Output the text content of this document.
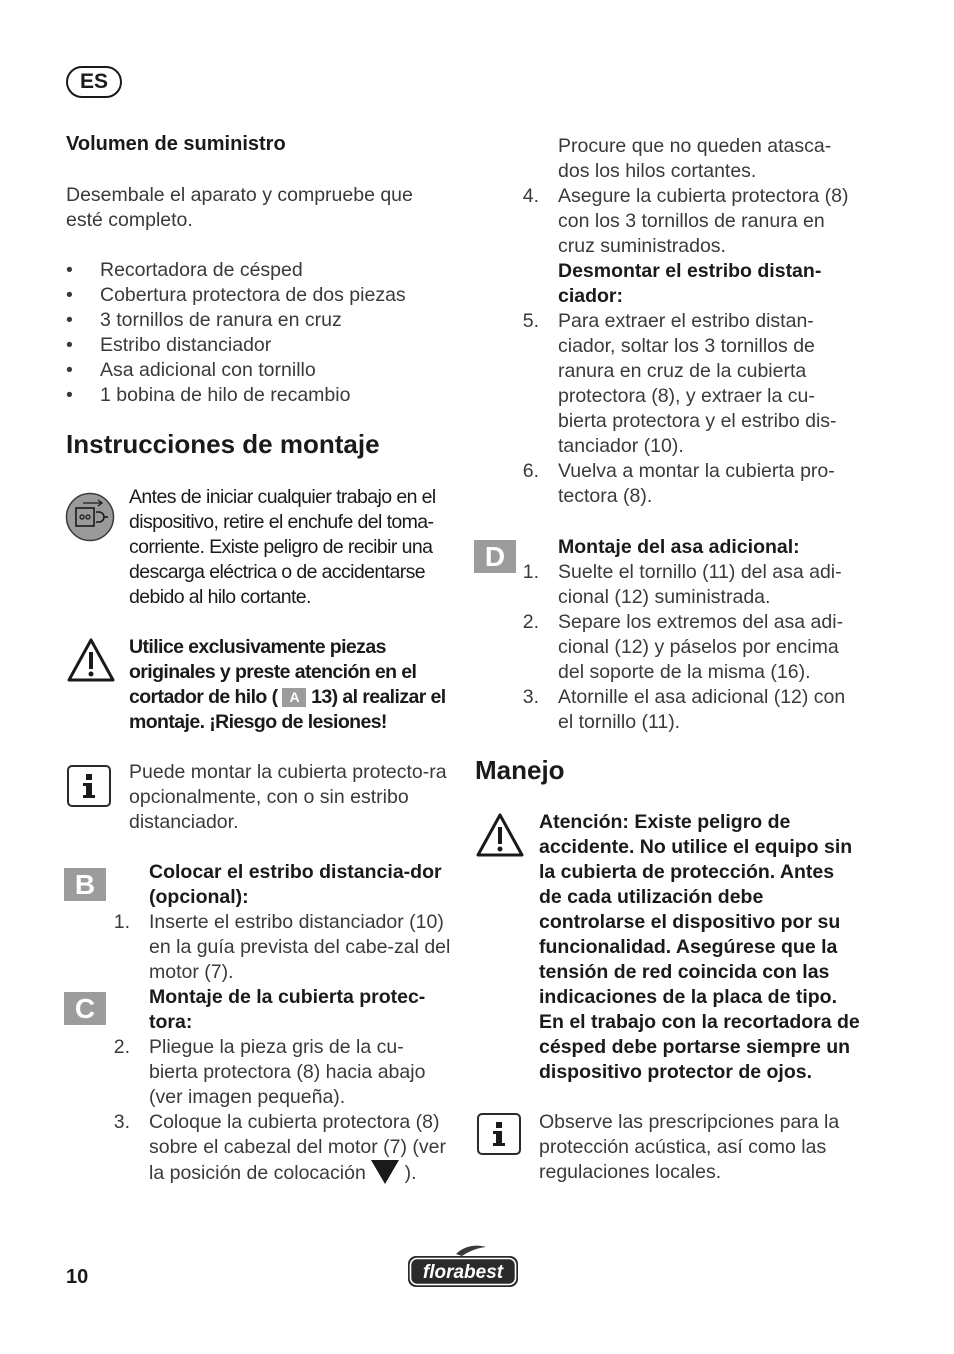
ES
Volumen de suministro
Desembale el aparato y compruebe que esté completo.
• Recortadora de césped
• Cobertura protectora de dos piezas
• 3 tornillos de ranura en cruz
• Estribo distanciador
• Asa adicional con tornillo
• 1 bobina de hilo de recambio
Instrucciones de montaje
Antes de iniciar cualquier trabajo en el dispositivo, retire el enchufe del toma-corriente. Existe peligro de recibir una descarga eléctrica o de accidentarse debido al hilo cortante.
Utilice exclusivamente piezas originales y preste atención en el cortador de hilo ( A 13) al realizar el montaje. ¡Riesgo de lesiones!
Puede montar la cubierta protecto-ra opcionalmente, con o sin estribo distanciador.
B	Colocar el estribo distancia-dor (opcional):
1. Inserte el estribo distanciador (10) en la guía prevista del cabe-zal del motor (7).
C	Montaje de la cubierta protec-tora:
2. Pliegue la pieza gris de la cu-bierta protectora (8) hacia abajo (ver imagen pequeña).
3. Coloque la cubierta protectora (8) sobre el cabezal del motor (7) (ver la posición de colocación ).
Procure que no queden atasca-dos los hilos cortantes.
4. Asegure la cubierta protectora (8) con los 3 tornillos de ranura en cruz suministrados.
Desmontar el estribo distan-ciador:
5. Para extraer el estribo distan-ciador, soltar los 3 tornillos de ranura en cruz de la cubierta protectora (8), y extraer la cu-bierta protectora y el estribo dis-tanciador (10).
6. Vuelva a montar la cubierta pro-tectora (8).
D	Montaje del asa adicional:
1. Suelte el tornillo (11) del asa adi-cional (12) suministrada.
2. Separe los extremos del asa adi-cional (12) y páselos por encima del soporte de la misma (16).
3. Atornille el asa adicional (12) con el tornillo (11).
Manejo
Atención: Existe peligro de accidente. No utilice el equipo sin la cubierta de protección. Antes de cada utilización debe controlarse el dispositivo por su funcionalidad. Asegúrese que la tensión de red coincida con las indicaciones de la placa de tipo. En el trabajo con la recortadora de césped debe portarse siempre un dispositivo protector de ojos.
Observe las prescripciones para la protección acústica, así como las regulaciones locales.
10	florabest
